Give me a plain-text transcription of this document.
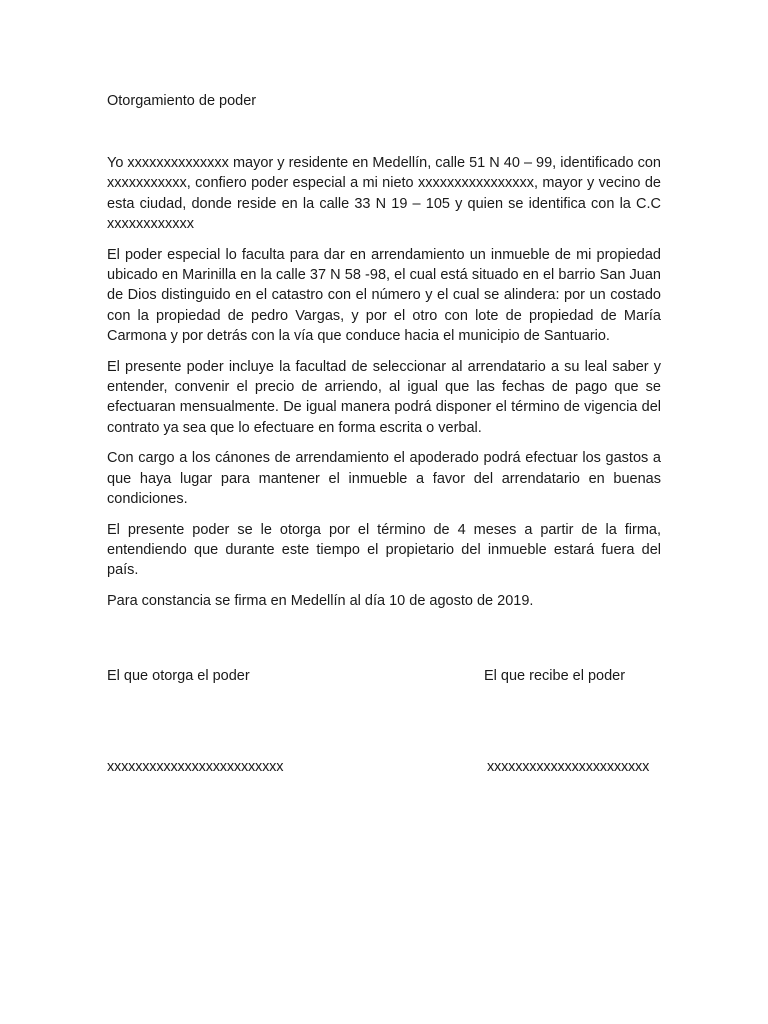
Otorgamiento de poder

Yo xxxxxxxxxxxxxx mayor y residente en Medellín, calle 51 N 40 – 99, identificado con xxxxxxxxxxx, confiero poder especial a mi nieto xxxxxxxxxxxxxxxx, mayor y vecino de esta ciudad, donde reside en la calle 33 N 19 – 105 y quien se identifica con la C.C xxxxxxxxxxxx

El poder especial lo faculta para dar en arrendamiento un inmueble de mi propiedad ubicado en Marinilla en la calle 37 N 58 -98, el cual está situado en el barrio San Juan de Dios distinguido en el catastro con el número y el cual se alindera: por un costado con la propiedad de pedro Vargas, y por el otro con lote de propiedad de María Carmona y por detrás con la vía que conduce hacia el municipio de Santuario.

El presente poder incluye la facultad de seleccionar al arrendatario a su leal saber y entender, convenir el precio de arriendo, al igual que las fechas de pago que se efectuaran mensualmente. De igual manera podrá disponer el término de vigencia del contrato ya sea que lo efectuare en forma escrita o verbal.

Con cargo a los cánones de arrendamiento el apoderado podrá efectuar los gastos a que haya lugar para mantener el inmueble a favor del arrendatario en buenas condiciones.

El presente poder se le otorga por el término de 4 meses a partir de la firma, entendiendo que durante este tiempo el propietario del inmueble estará fuera del país.

Para constancia se firma en Medellín al día 10 de agosto de 2019.

El que otorga el poder	El que recibe el poder
xxxxxxxxxxxxxxxxxxxxxxxxx	xxxxxxxxxxxxxxxxxxxxxxx
